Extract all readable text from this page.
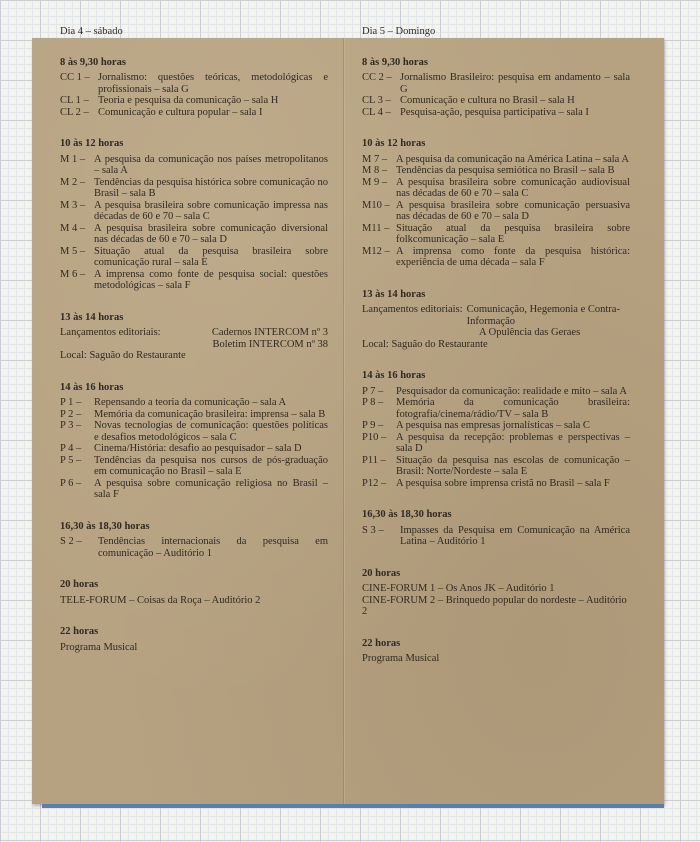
Dia 4 – sábado
8 às 9,30 horas
CC 1 – Jornalismo: questões teóricas, metodológicas e profissionais – sala G
CL 1 – Teoria e pesquisa da comunicação – sala H
CL 2 – Comunicação e cultura popular – sala I
10 às 12 horas
M 1 – A pesquisa da comunicação nos países metropolitanos – sala A
M 2 – Tendências da pesquisa histórica sobre comunicação no Brasil – sala B
M 3 – A pesquisa brasileira sobre comunicação impressa nas décadas de 60 e 70 – sala C
M 4 – A pesquisa brasileira sobre comunicação diversional nas décadas de 60 e 70 – sala D
M 5 – Situação atual da pesquisa brasileira sobre comunicação rural – sala E
M 6 – A imprensa como fonte de pesquisa social: questões metodológicas – sala F
13 às 14 horas
Lançamentos editoriais:	Cadernos INTERCOM nº 3
Boletim INTERCOM nº 38
Local: Saguão do Restaurante
14 às 16 horas
P 1 –	Repensando a teoria da comunicação – sala A
P 2 –	Memória da comunicação brasileira: imprensa – sala B
P 3 –	Novas tecnologias de comunicação: questões políticas e desafios metodológicos – sala C
P 4 –	Cinema/História: desafio ao pesquisador – sala D
P 5 –	Tendências da pesquisa nos cursos de pós-graduação em comunicação no Brasil – sala E
P 6 –	A pesquisa sobre comunicação religiosa no Brasil – sala F
16,30 às 18,30 horas
S 2 –	Tendências internacionais da pesquisa em comunicação – Auditório 1
20 horas
TELE-FORUM – Coisas da Roça – Auditório 2
22 horas
Programa Musical
Dia 5 – Domingo
8 às 9,30 horas
CC 2 – Jornalismo Brasileiro: pesquisa em andamento – sala G
CL 3 – Comunicação e cultura no Brasil – sala H
CL 4 – Pesquisa-ação, pesquisa participativa – sala I
10 às 12 horas
M 7 – A pesquisa da comunicação na América Latina – sala A
M 8 – Tendências da pesquisa semiótica no Brasil – sala B
M 9 – A pesquisa brasileira sobre comunicação audiovisual nas décadas de 60 e 70 – sala C
M10 – A pesquisa brasileira sobre comunicação persuasiva nas décadas de 60 e 70 – sala D
M11 – Situação atual da pesquisa brasileira sobre folkcomunicação – sala E
M12 – A imprensa como fonte da pesquisa histórica: experiência de uma década – sala F
13 às 14 horas
Lançamentos editoriais: Comunicação, Hegemonia e Contra-Informação
A Opulência das Geraes
Local: Saguão do Restaurante
14 às 16 horas
P 7 –	Pesquisador da comunicação: realidade e mito – sala A
P 8 –	Memória da comunicação brasileira: fotografia/cinema/rádio/TV – sala B
P 9 –	A pesquisa nas empresas jornalísticas – sala C
P10 – A pesquisa da recepção: problemas e perspectivas – sala D
P11 – Situação da pesquisa nas escolas de comunicação – Brasil: Norte/Nordeste – sala E
P12 – A pesquisa sobre imprensa cristã no Brasil – sala F
16,30 às 18,30 horas
S 3 –	Impasses da Pesquisa em Comunicação na América Latina – Auditório 1
20 horas
CINE-FORUM 1 – Os Anos JK – Auditório 1
CINE-FORUM 2 – Brinquedo popular do nordeste – Auditório 2
22 horas
Programa Musical
